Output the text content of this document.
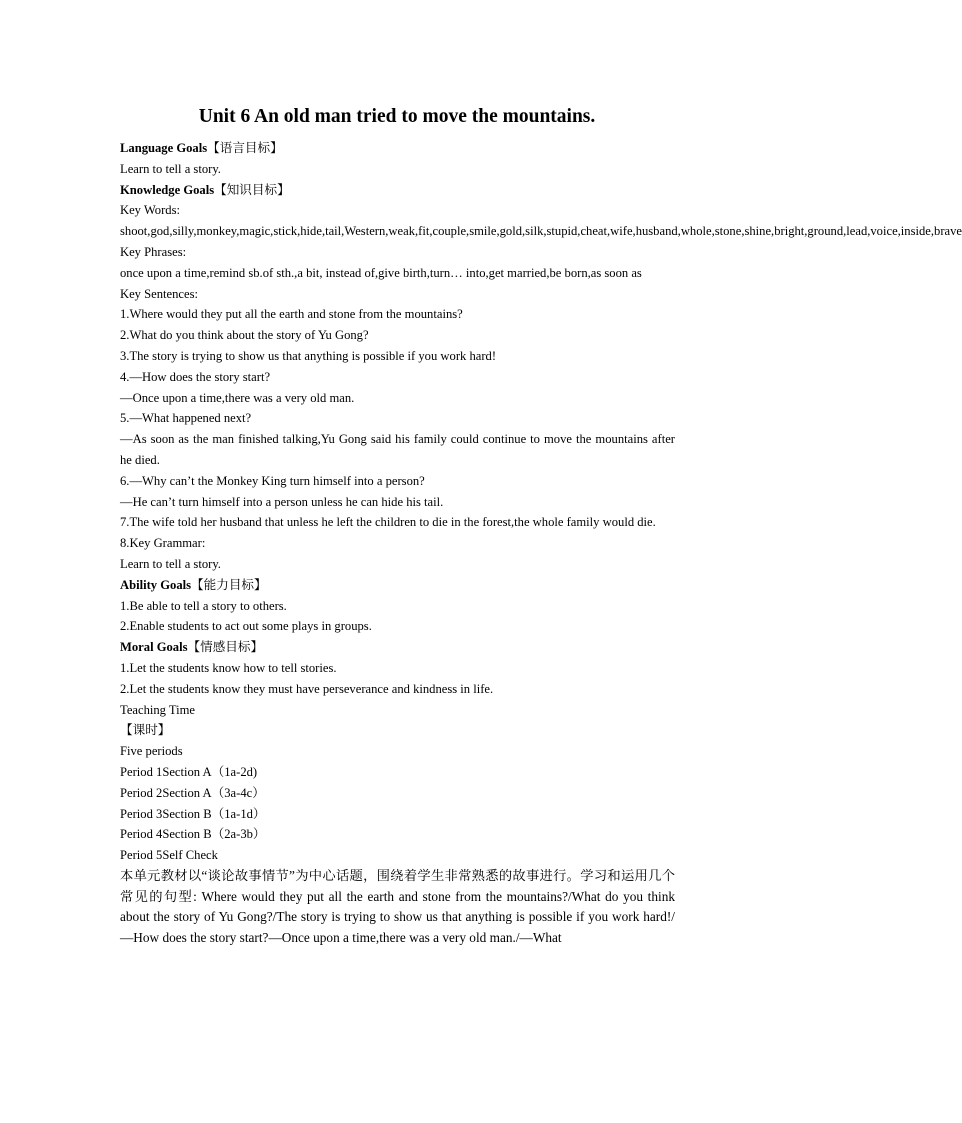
Unit 6 An old man tried to move the mountains.
Language Goals【语言目标】
Learn to tell a story.
Knowledge Goals【知识目标】
Key Words:
shoot,god,silly,monkey,magic,stick,hide,tail,Western,weak,fit,couple,smile,gold,silk,stupid,cheat,wife,husband,whole,stone,shine,bright,ground,lead,voice,inside,brave
Key Phrases:
once upon a time,remind sb.of sth.,a bit, instead of,give birth,turn… into,get married,be born,as soon as
Key Sentences:
1.Where would they put all the earth and stone from the mountains?
2.What do you think about the story of Yu Gong?
3.The story is trying to show us that anything is possible if you work hard!
4.—How does the story start?
—Once upon a time,there was a very old man.
5.—What happened next?
—As soon as the man finished talking,Yu Gong said his family could continue to move the mountains after he died.
6.—Why can’t the Monkey King turn himself into a person?
—He can’t turn himself into a person unless he can hide his tail.
7.The wife told her husband that unless he left the children to die in the forest,the whole family would die.
8.Key Grammar:
Learn to tell a story.
Ability Goals【能力目标】
1.Be able to tell a story to others.
2.Enable students to act out some plays in groups.
Moral Goals【情感目标】
1.Let the students know how to tell stories.
2.Let the students know they must have perseverance and kindness in life.
Teaching Time
【课时】
Five periods
Period 1Section A（1a-2d)
Period 2Section A（3a-4c）
Period 3Section B（1a-1d）
Period 4Section B（2a-3b）
Period 5Self Check
本单元教材以“谈论故事情节”为中心话题，围绕着学生非常熟悉的故事进行。学习和运用几个常见的句型: Where would they put all the earth and stone from the mountains?/What do you think about the story of Yu Gong?/The story is trying to show us that anything is possible if you work hard!/—How does the story start?—Once upon a time,there was a very old man./—What
